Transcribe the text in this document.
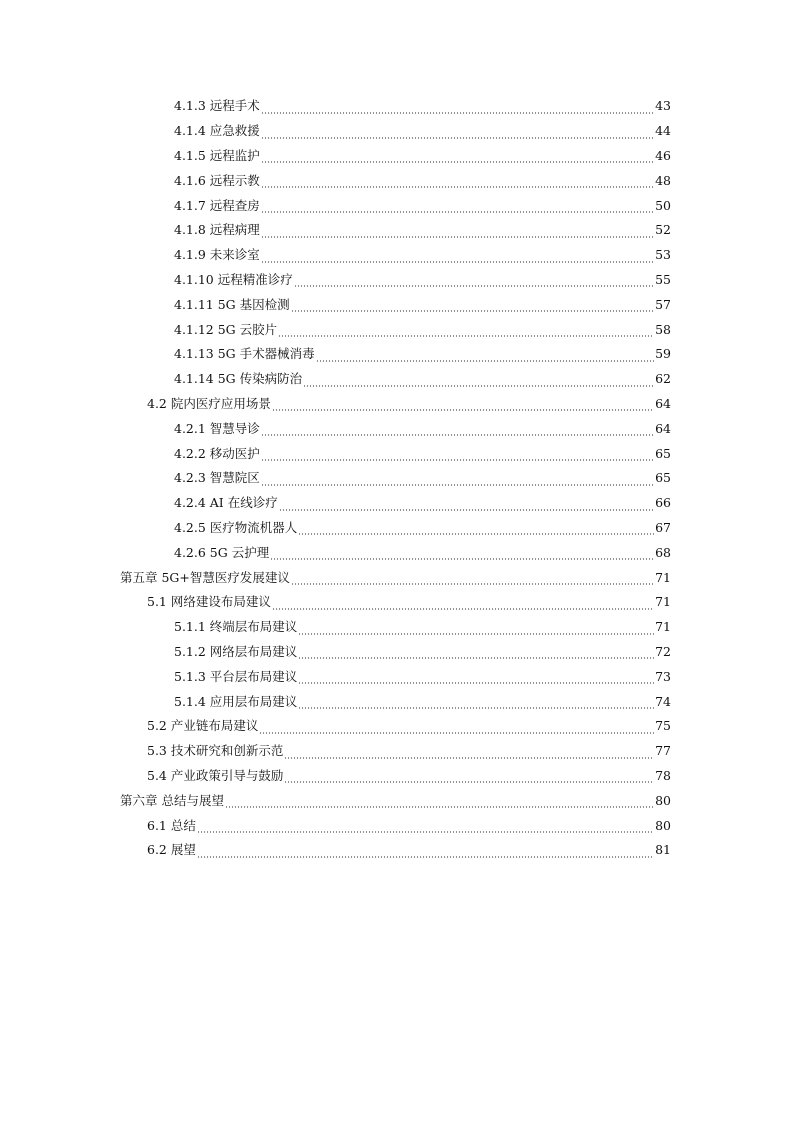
4.1.3 远程手术	43
4.1.4 应急救援	44
4.1.5 远程监护	46
4.1.6 远程示教	48
4.1.7 远程查房	50
4.1.8 远程病理	52
4.1.9 未来诊室	53
4.1.10 远程精准诊疗	55
4.1.11 5G 基因检测	57
4.1.12 5G 云胶片	58
4.1.13 5G 手术器械消毒	59
4.1.14 5G 传染病防治	62
4.2 院内医疗应用场景	64
4.2.1 智慧导诊	64
4.2.2 移动医护	65
4.2.3 智慧院区	65
4.2.4 AI 在线诊疗	66
4.2.5 医疗物流机器人	67
4.2.6 5G 云护理	68
第五章 5G+智慧医疗发展建议	71
5.1 网络建设布局建议	71
5.1.1 终端层布局建议	71
5.1.2 网络层布局建议	72
5.1.3 平台层布局建议	73
5.1.4 应用层布局建议	74
5.2 产业链布局建议	75
5.3 技术研究和创新示范	77
5.4 产业政策引导与鼓励	78
第六章 总结与展望	80
6.1 总结	80
6.2 展望	81
